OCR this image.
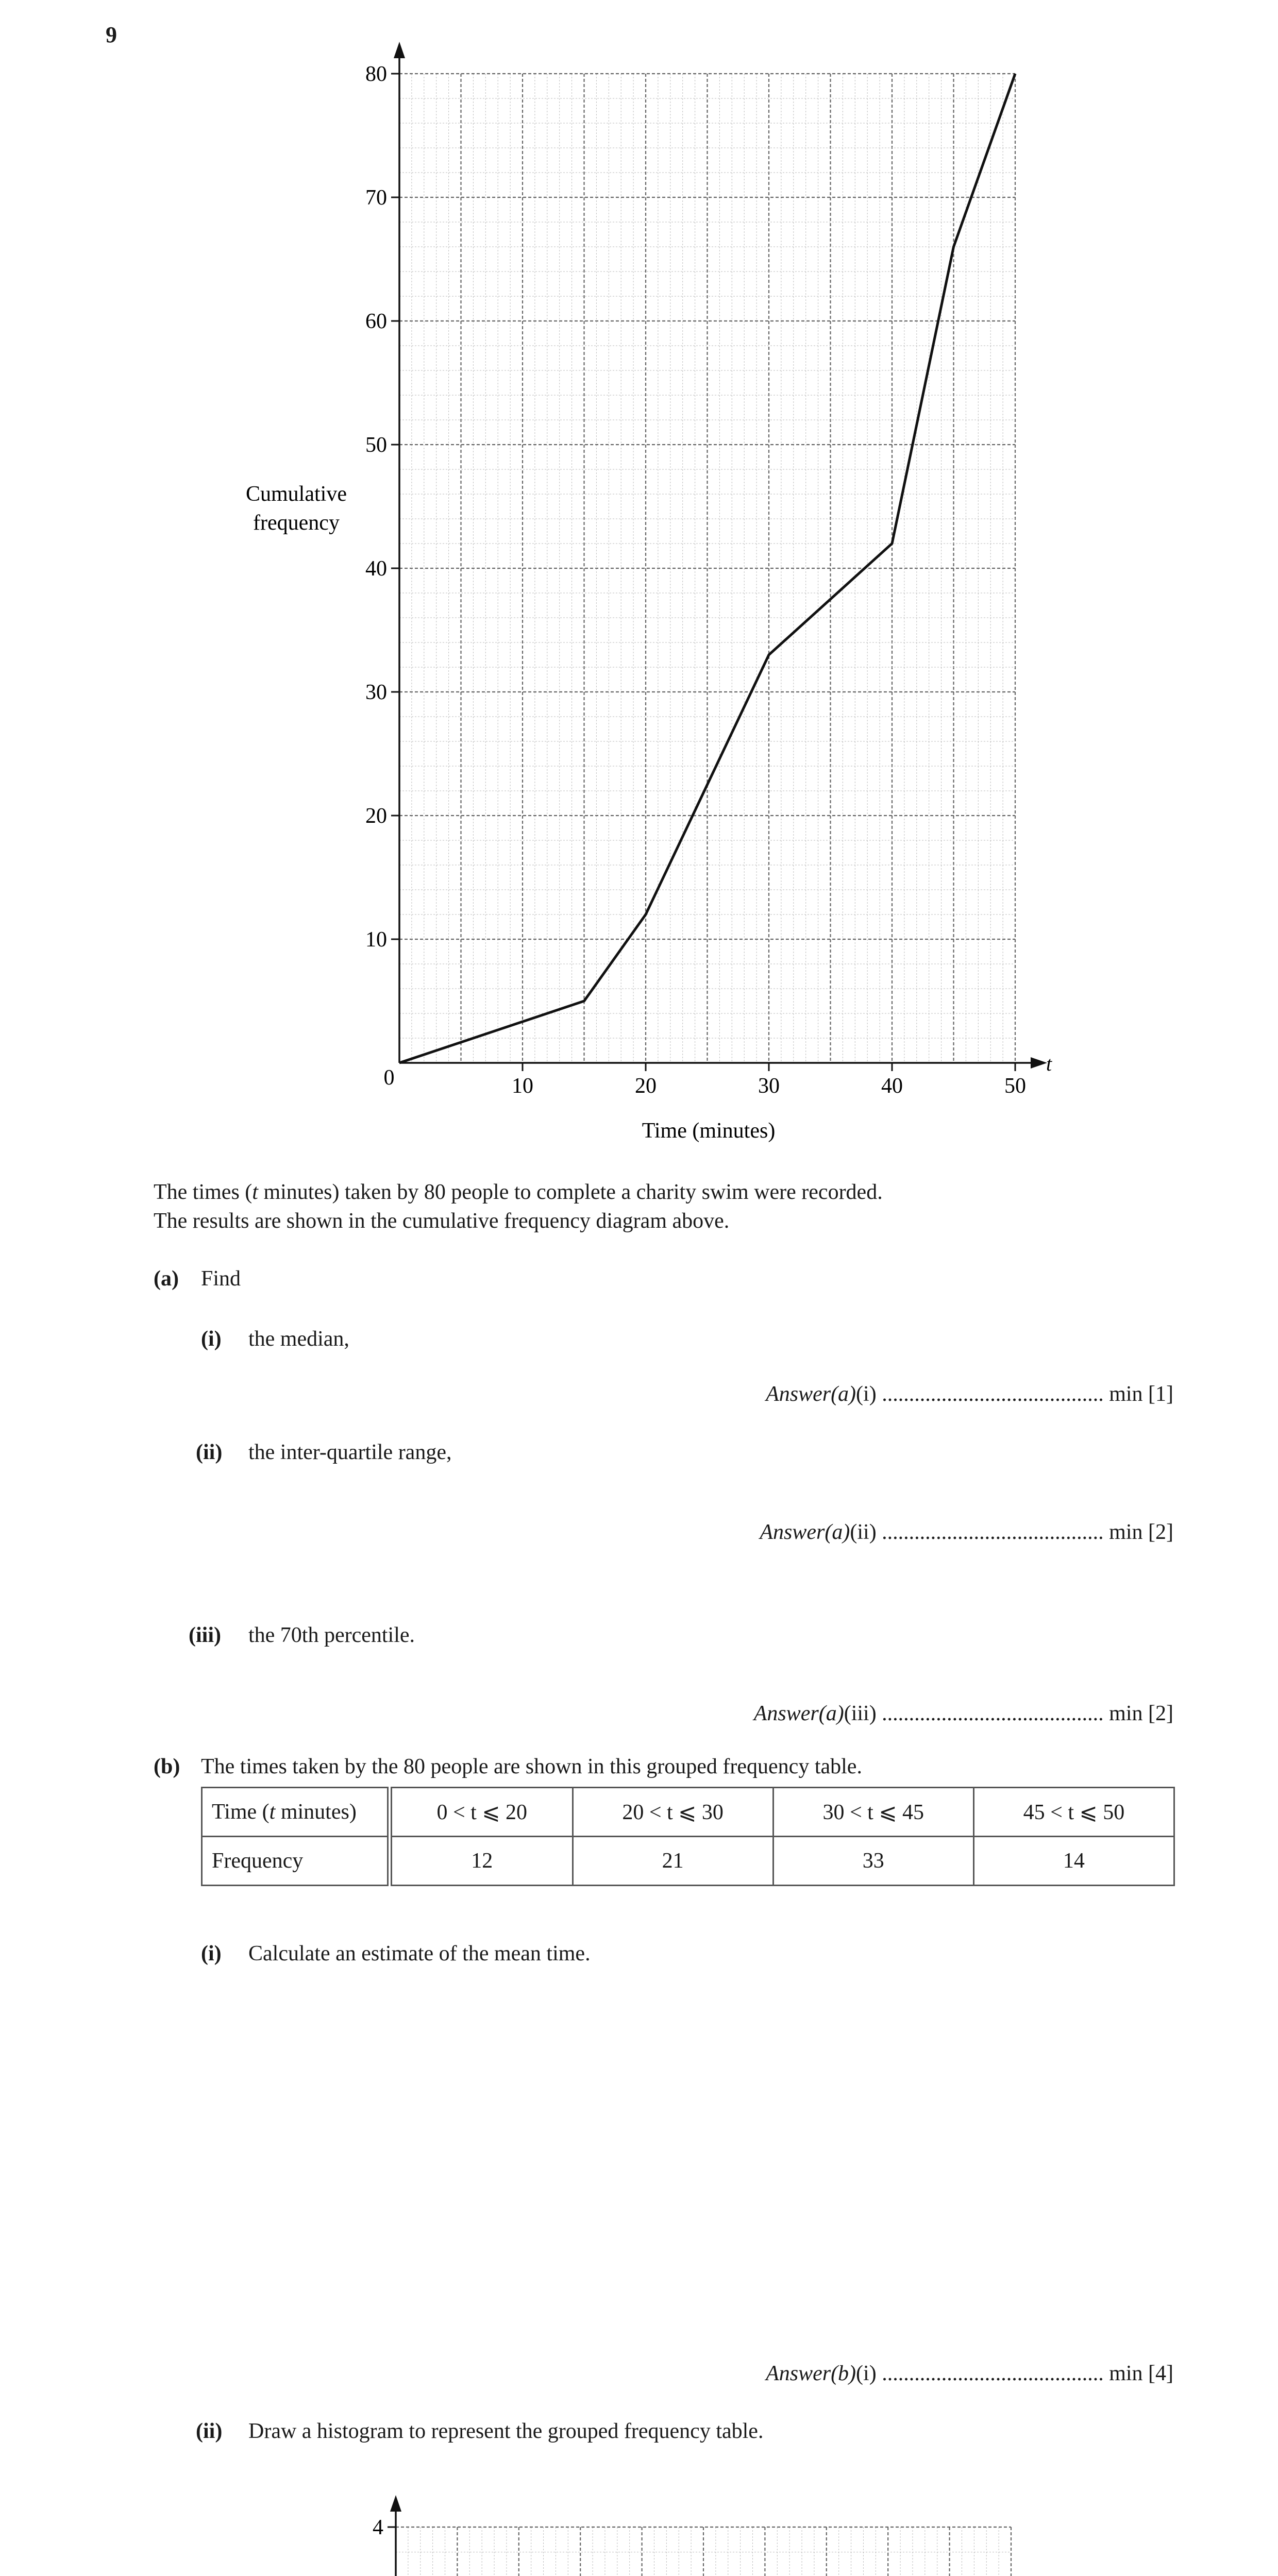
9
10	20	30	40	50
10
20
30
40
50
60
70
80
Cumulative
frequency
Time (minutes)
t
0
The times (t minutes) taken by 80 people to complete a charity swim were recorded.
The results are shown in the cumulative frequency diagram above.
(a) Find
(i) the median,
Answer(a)(i) ......................................... min [1]
(ii) the inter-quartile range,
Answer(a)(ii) ......................................... min [2]
(iii) the 70th percentile.
Answer(a)(iii) ......................................... min [2]
(b) The times taken by the 80 people are shown in this grouped frequency table.
Time (t minutes)	0 < t ⩽ 20	20 < t ⩽ 30	30 < t ⩽ 45	45 < t ⩽ 50
Frequency	12	21	33	14
(i) Calculate an estimate of the mean time.
Answer(b)(i) ......................................... min [4]
(ii) Draw a histogram to represent the grouped frequency table.
4
